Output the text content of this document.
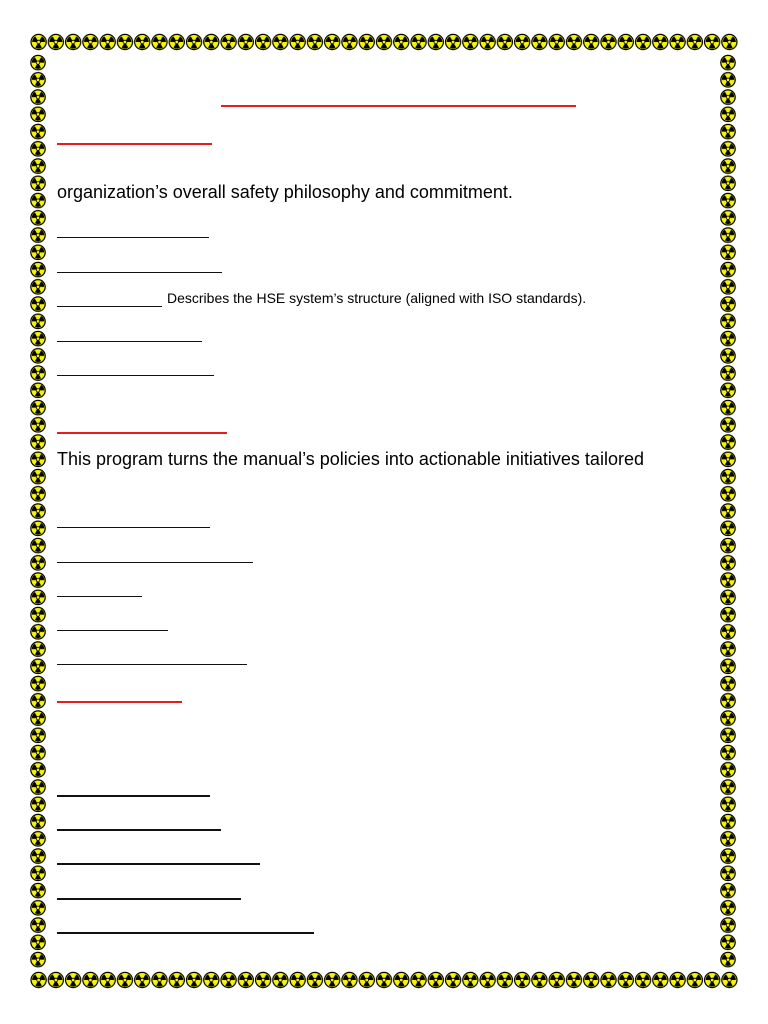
organization’s overall safety philosophy and commitment.
Describes the HSE system’s structure (aligned with ISO standards).
This program turns the manual’s policies into actionable initiatives tailored
